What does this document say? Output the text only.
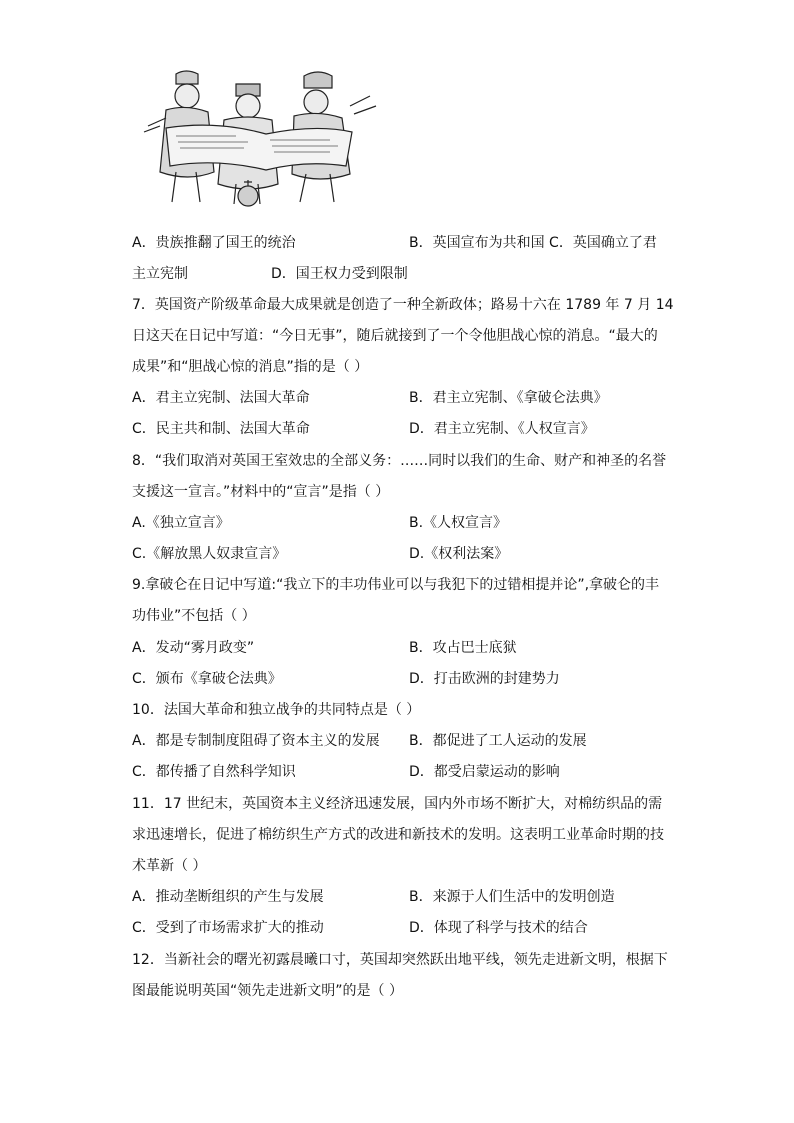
A．贵族推翻了国王的统治	B．英国宣布为共和国 C．英国确立了君
主立宪制	D．国王权力受到限制
7．英国资产阶级革命最大成果就是创造了一种全新政体；路易十六在 1789 年 7 月 14
日这天在日记中写道：“今日无事”，随后就接到了一个令他胆战心惊的消息。“最大的
成果”和“胆战心惊的消息”指的是（ ）
A．君主立宪制、法国大革命	B．君主立宪制、《拿破仑法典》
C．民主共和制、法国大革命	D．君主立宪制、《人权宣言》
8．“我们取消对英国王室效忠的全部义务：……同时以我们的生命、财产和神圣的名誉
支援这一宣言。”材料中的“宣言”是指（ ）
A.《独立宣言》	B.《人权宣言》
C.《解放黑人奴隶宣言》	D.《权利法案》
9.拿破仑在日记中写道:“我立下的丰功伟业可以与我犯下的过错相提并论”,拿破仑的丰
功伟业”不包括（ ）
A．发动“雾月政变”	B．攻占巴士底狱
C．颁布《拿破仑法典》	D．打击欧洲的封建势力
10．法国大革命和独立战争的共同特点是（ ）
A．都是专制制度阻碍了资本主义的发展 B．都促进了工人运动的发展
C．都传播了自然科学知识	D．都受启蒙运动的影响
11．17 世纪末，英国资本主义经济迅速发展，国内外市场不断扩大，对棉纺织品的需
求迅速增长，促进了棉纺织生产方式的改进和新技术的发明。这表明工业革命时期的技
术革新（ ）
A．推动垄断组织的产生与发展	B．来源于人们生活中的发明创造
C．受到了市场需求扩大的推动	D．体现了科学与技术的结合
12．当新社会的曙光初露晨曦口寸，英国却突然跃出地平线，领先走进新文明，根据下
图最能说明英国“领先走进新文明”的是（ ）
